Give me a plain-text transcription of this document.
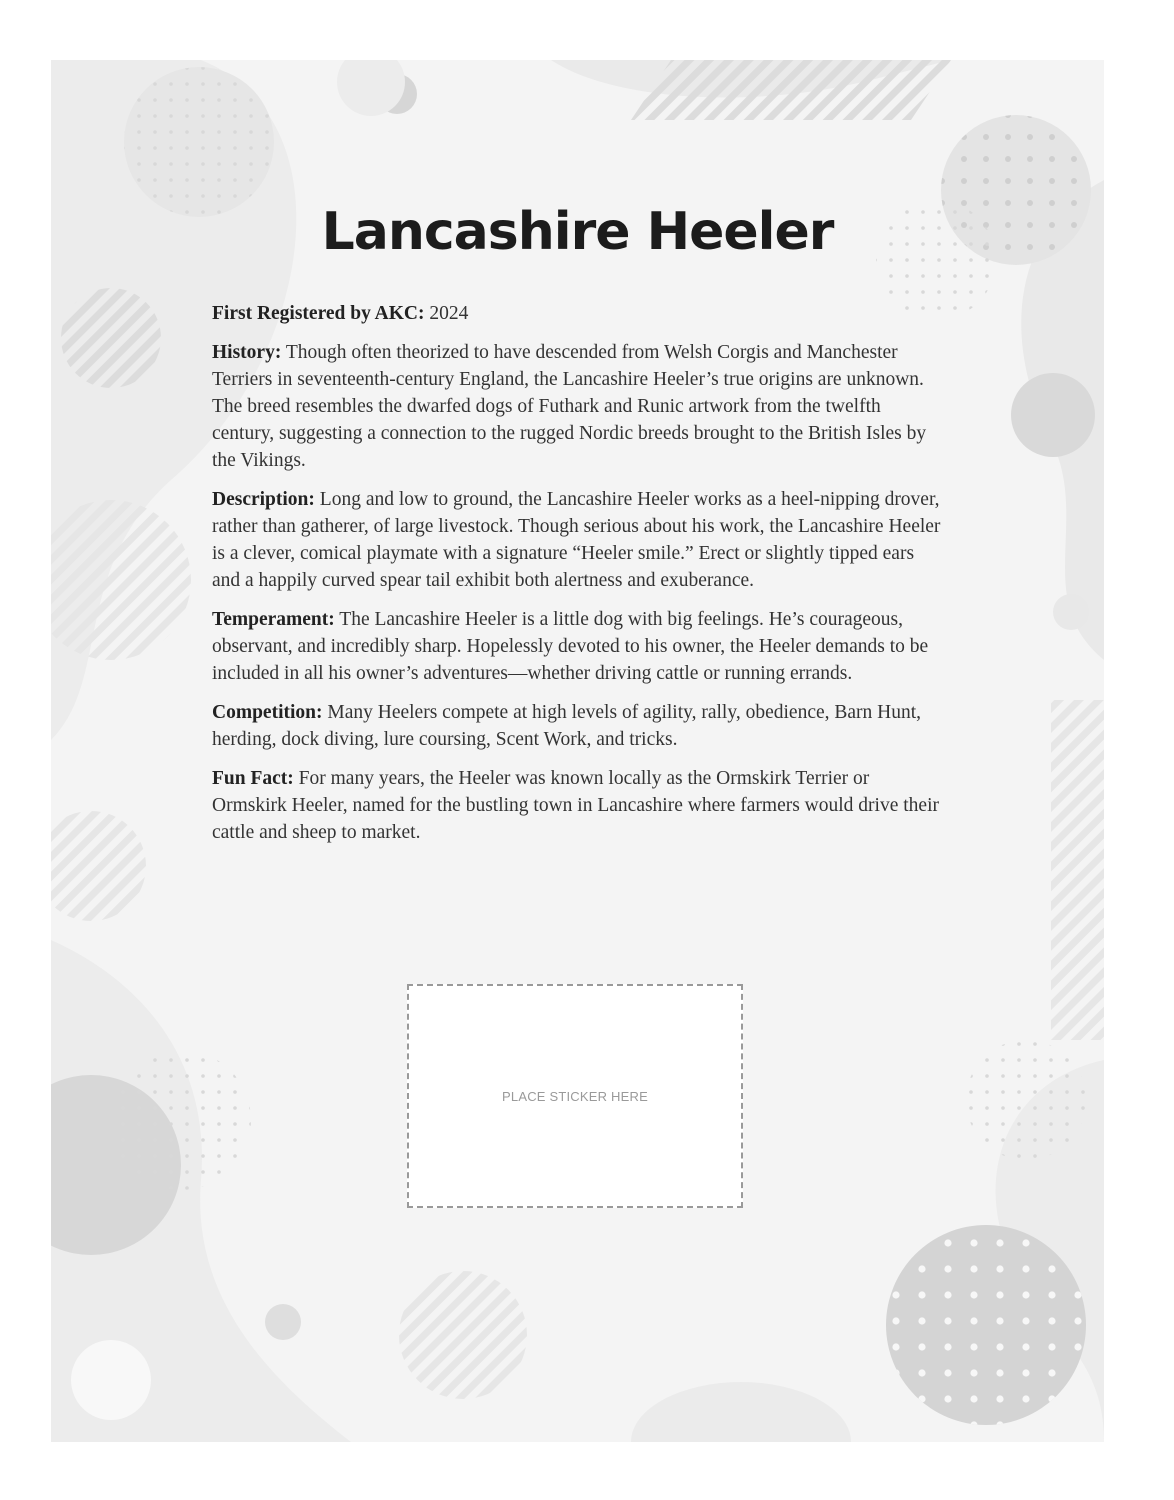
Lancashire Heeler

First Registered by AKC: 2024

History: Though often theorized to have descended from Welsh Corgis and Manchester Terriers in seventeenth-century England, the Lancashire Heeler’s true origins are unknown. The breed resembles the dwarfed dogs of Futhark and Runic artwork from the twelfth century, suggesting a connection to the rugged Nordic breeds brought to the British Isles by the Vikings.

Description: Long and low to ground, the Lancashire Heeler works as a heel-nipping drover, rather than gatherer, of large livestock. Though serious about his work, the Lancashire Heeler is a clever, comical playmate with a signature “Heeler smile.” Erect or slightly tipped ears and a happily curved spear tail exhibit both alertness and exuberance.

Temperament: The Lancashire Heeler is a little dog with big feelings. He’s courageous, observant, and incredibly sharp. Hopelessly devoted to his owner, the Heeler demands to be included in all his owner’s adventures—whether driving cattle or running errands.

Competition: Many Heelers compete at high levels of agility, rally, obedience, Barn Hunt, herding, dock diving, lure coursing, Scent Work, and tricks.

Fun Fact: For many years, the Heeler was known locally as the Ormskirk Terrier or Ormskirk Heeler, named for the bustling town in Lancashire where farmers would drive their cattle and sheep to market.

PLACE STICKER HERE
